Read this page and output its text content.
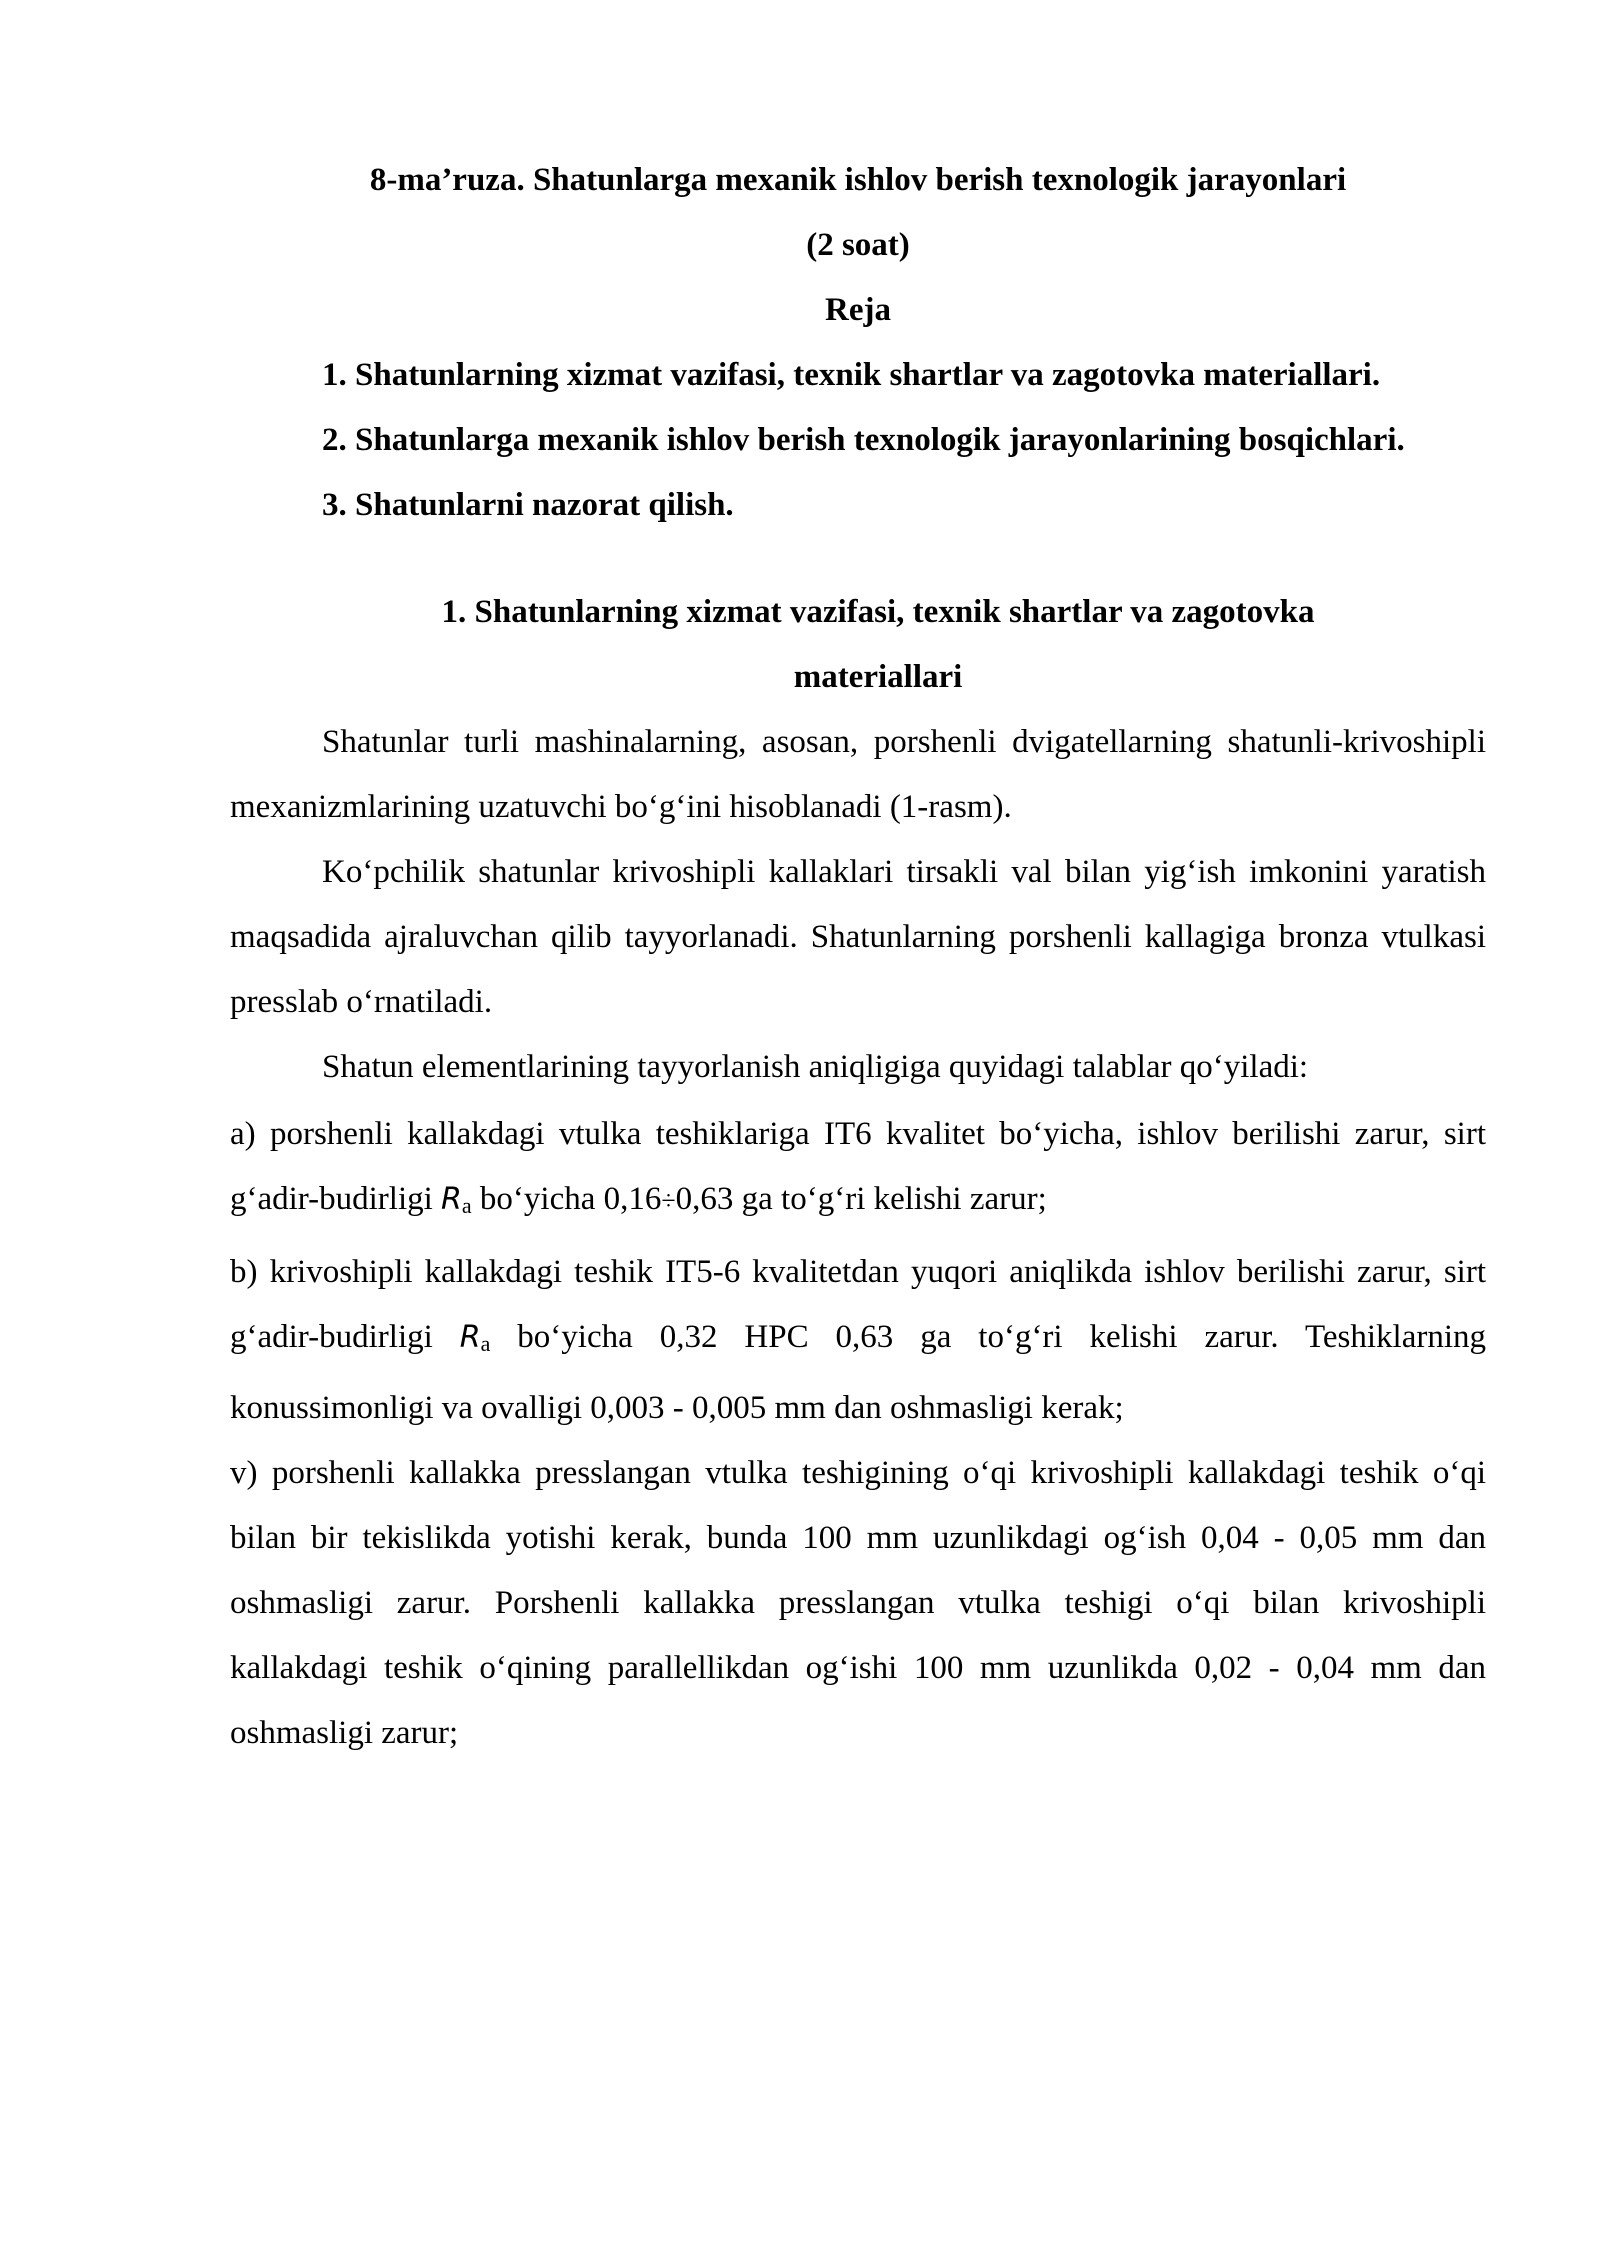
8-ma’ruza. Shatunlarga mexanik ishlov berish texnologik jarayonlari

(2 soat)

Reja

1. Shatunlarning xizmat vazifasi, texnik shartlar va zagotovka materiallari.

2. Shatunlarga mexanik ishlov berish texnologik jarayonlarining bosqichlari.

3. Shatunlarni nazorat qilish.

1. Shatunlarning xizmat vazifasi, texnik shartlar va zagotovka

materiallari

Shatunlar turli mashinalarning, asosan, porshenli dvigatellarning shatunli-krivoshipli mexanizmlarining uzatuvchi bo‘g‘ini hisoblanadi (1-rasm).

Ko‘pchilik shatunlar krivoshipli kallaklari tirsakli val bilan yig‘ish imkonini yaratish maqsadida ajraluvchan qilib tayyorlanadi. Shatunlarning porshenli kallagiga bronza vtulkasi presslab o‘rnatiladi.

Shatun elementlarining tayyorlanish aniqligiga quyidagi talablar qo‘yiladi:

a) porshenli kallakdagi vtulka teshiklariga IT6 kvalitet bo‘yicha, ishlov berilishi zarur, sirt g‘adir-budirligi Ra bo‘yicha 0,16÷0,63 ga to‘g‘ri kelishi zarur;

b) krivoshipli kallakdagi teshik IT5-6 kvalitetdan yuqori aniqlikda ishlov berilishi zarur, sirt g‘adir-budirligi Ra bo‘yicha 0,32 HPC 0,63 ga to‘g‘ri kelishi zarur. Teshiklarning konussimonligi va ovalligi 0,003 - 0,005 mm dan oshmasligi kerak;

v) porshenli kallakka presslangan vtulka teshigining o‘qi krivoshipli kallakdagi teshik o‘qi bilan bir tekislikda yotishi kerak, bunda 100 mm uzunlikdagi og‘ish 0,04 - 0,05 mm dan oshmasligi zarur. Porshenli kallakka presslangan vtulka teshigi o‘qi bilan krivoshipli kallakdagi teshik o‘qining parallellikdan og‘ishi 100 mm uzunlikda 0,02 - 0,04 mm dan oshmasligi zarur;
